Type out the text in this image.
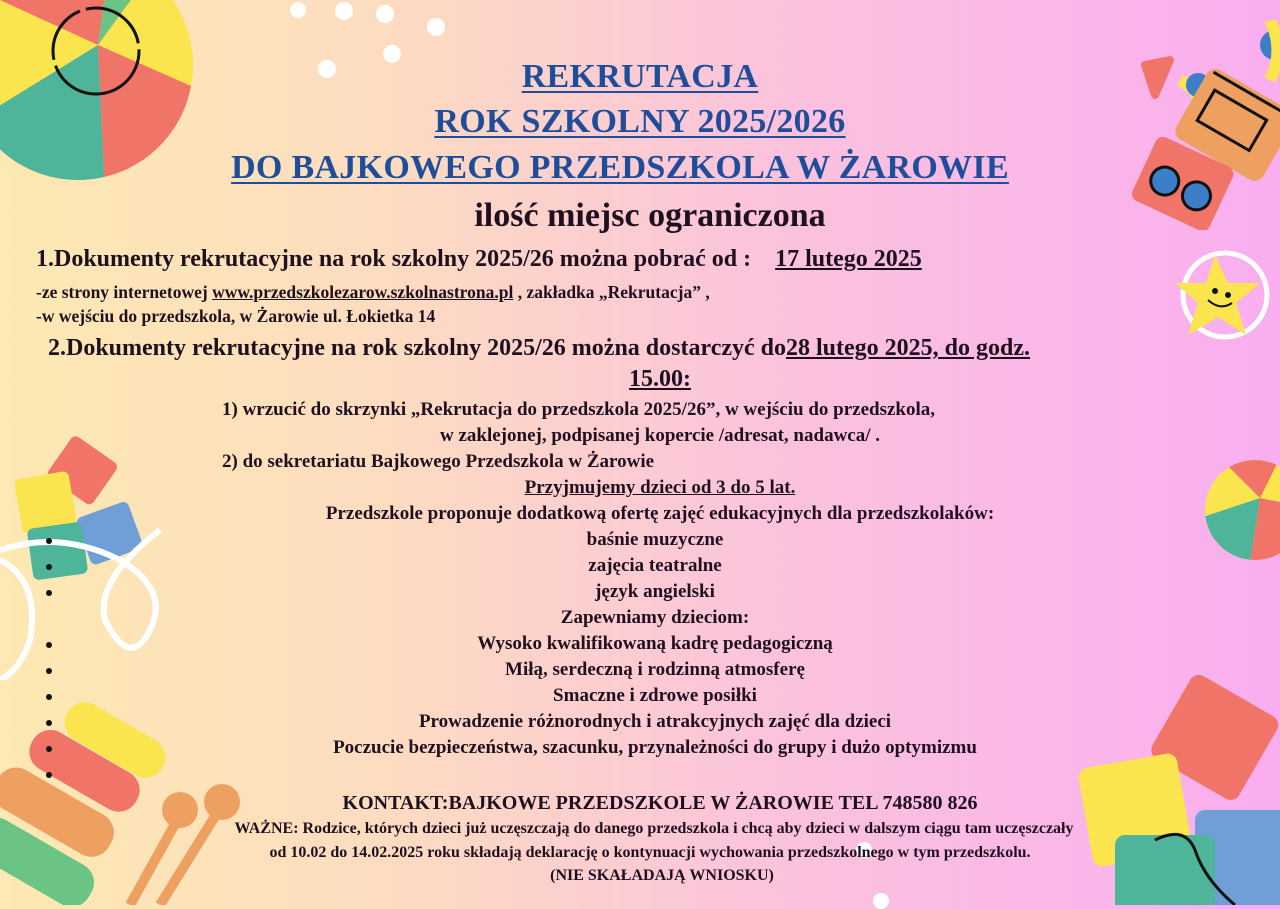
REKRUTACJA
ROK SZKOLNY 2025/2026
DO BAJKOWEGO PRZEDSZKOLA W ŻAROWIE
ilość miejsc ograniczona
1.Dokumenty rekrutacyjne na rok szkolny 2025/26 można pobrać od : 17 lutego 2025
-ze strony internetowej www.przedszkolezarow.szkolnastrona.pl , zakładka „Rekrutacja” ,
-w wejściu do przedszkola, w Żarowie ul. Łokietka 14
2.Dokumenty rekrutacyjne na rok szkolny 2025/26 można dostarczyć do28 lutego 2025, do godz.
15.00:
1) wrzucić do skrzynki „Rekrutacja do przedszkola 2025/26”, w wejściu do przedszkola,
w zaklejonej, podpisanej kopercie /adresat, nadawca/ .
2) do sekretariatu Bajkowego Przedszkola w Żarowie
Przyjmujemy dzieci od 3 do 5 lat.
Przedszkole proponuje dodatkową ofertę zajęć edukacyjnych dla przedszkolaków:
baśnie muzyczne
zajęcia teatralne
język angielski
Zapewniamy dzieciom:
Wysoko kwalifikowaną kadrę pedagogiczną
Miłą, serdeczną i rodzinną atmosferę
Smaczne i zdrowe posiłki
Prowadzenie różnorodnych i atrakcyjnych zajęć dla dzieci
Poczucie bezpieczeństwa, szacunku, przynależności do grupy i dużo optymizmu
KONTAKT:BAJKOWE PRZEDSZKOLE W ŻAROWIE TEL 748580 826
WAŻNE: Rodzice, których dzieci już uczęszczają do danego przedszkola i chcą aby dzieci w dalszym ciągu tam uczęszczały
od 10.02 do 14.02.2025 roku składają deklarację o kontynuacji wychowania przedszkolnego w tym przedszkolu.
(NIE SKAŁADAJĄ WNIOSKU)
